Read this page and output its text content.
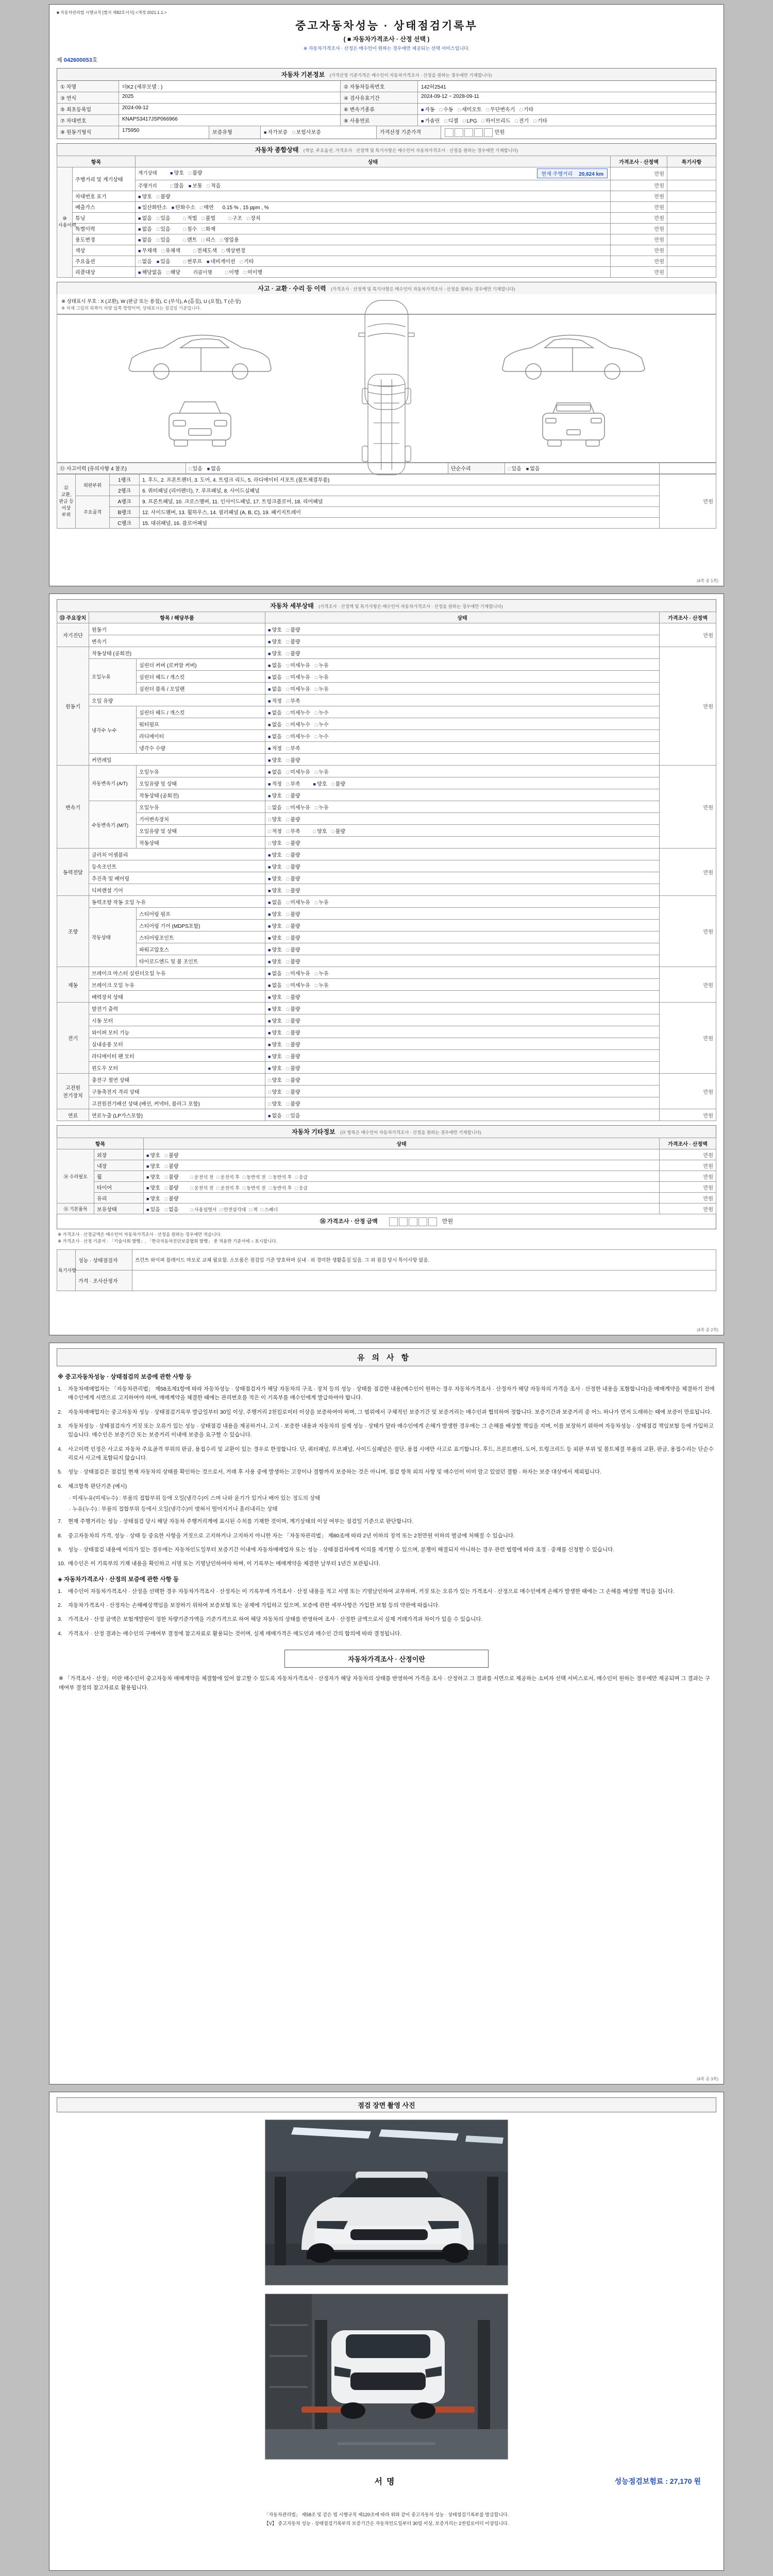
■ 자동차관리법 시행규칙 [별지 제82호서식] <개정 2021.1.1.>
중고자동차성능 · 상태점검기록부
( ■ 자동차가격조사 · 산정 선택 )
※ 자동차가격조사 · 산정은 매수인이 원하는 경우에만 제공되는 선택 서비스입니다.
제 042600053호
자동차 기본정보 (가격산정 기준가격은 매수인이 자동차가격조사 · 산정을 원하는 경우에만 기재합니다)
① 차명	더K2 (세부모델 : )	② 자동차등록번호	142허2541
③ 연식	2025	④ 검사유효기간	2024-09-12 ~ 2028-09-11
⑤ 최초등록일	2024-09-12	⑥ 변속기종류	■ 자동 □ 수동 □ 세미오토 □ 무단변속기 □ 기타
⑦ 차대번호	KNAPS3417JSP066966	⑧ 사용연료	■ 가솔린 □ 디젤 □ LPG □ 하이브리드 □ 전기 □ 기타
⑨ 원동기형식	175950	보증유형	■ 자가보증 □ 보험사보증	가격산정 기준가격	만원
자동차 종합상태 (색상, 주요옵션, 가격조사 · 산정액 및 특기사항은 매수인이 자동차가격조사 · 산정을 원하는 경우에만 기재합니다)
항목		상태	가격조사 · 산정액	특기사항
⑩ 사용이력	주행거리 및 계기상태	현재 주행거리 20,624 km
계기상태 ■ 양호 □ 불량	만원	
		주행거리 □ 많음 ■ 보통 □ 적음	만원	
	차대번호 표기	■ 양호 □ 불량	만원	
	배출가스	■ 일산화탄소 ■ 탄화수소 □ 매연 0.15 % , 15 ppm , %	만원	
	튜닝	■ 없음 □ 있음 □ 적법 □ 불법 □ 구조 □ 장치	만원	
	특별이력	■ 없음 □ 있음 □ 침수 □ 화재	만원	
	용도변경	■ 없음 □ 있음 □ 렌트 □ 리스 □ 영업용	만원	
	색상	■ 무채색 □ 유채색 □ 전체도색 □ 색상변경	만원	
	주요옵션	□ 없음 ■ 있음 □ 썬루프 ■ 네비게이션 □ 기타	만원	
	리콜대상	■ 해당없음 □ 해당 리콜이행 □ 이행 □ 미이행	만원	
사고 · 교환 · 수리 등 이력 (가격조사 · 산정액 및 특기사항은 매수인이 자동차가격조사 · 산정을 원하는 경우에만 기재합니다)
※ 상태표시 부호 : X (교환), W (판금 또는 용접), C (부식), A (흠집), U (요철), T (손상)
※ 차체 그림의 위쪽이 차량 앞쪽 방향이며, 상태표시는 점검일 기준입니다.
⑪ 사고이력 (유의사항 4 참조)	□ 있음 ■ 없음	단순수리	□ 있음 ■ 없음	
⑫ 교환, 판금 등 이상 부위	외판부위	1랭크	1. 후드, 2. 프론트펜더, 3. 도어, 4. 트렁크 리드, 5. 라디에이터 서포트 (볼트체결부품)	만원
		2랭크	6. 쿼터패널 (리어펜더), 7. 루프패널, 8. 사이드실패널	
	주요골격	A랭크	9. 프론트패널, 10. 크로스멤버, 11. 인사이드패널, 17. 트렁크플로어, 18. 리어패널	
		B랭크	12. 사이드멤버, 13. 휠하우스, 14. 필러패널 (A, B, C), 19. 패키지트레이	
		C랭크	15. 대쉬패널, 16. 플로어패널	
(4쪽 중 1쪽)
자동차 세부상태 (가격조사 · 산정액 및 특기사항은 매수인이 자동차가격조사 · 산정을 원하는 경우에만 기재합니다)
⑬ 주요장치	항목 / 해당부품		상태	가격조사 · 산정액
자기진단	원동기		■ 양호 □ 불량	만원
	변속기		■ 양호 □ 불량	
원동기	작동상태 (공회전)		■ 양호 □ 불량	만원
	오일누유	실린더 커버 (로커암 커버)	■ 없음 □ 미세누유 □ 누유	
		실린더 헤드 / 개스킷	■ 없음 □ 미세누유 □ 누유	
		실린더 블록 / 오일팬	■ 없음 □ 미세누유 □ 누유	
	오일 유량		■ 적정 □ 부족	
	냉각수 누수	실린더 헤드 / 개스킷	■ 없음 □ 미세누수 □ 누수	
		워터펌프	■ 없음 □ 미세누수 □ 누수	
		라디에이터	■ 없음 □ 미세누수 □ 누수	
		냉각수 수량	■ 적정 □ 부족	
	커먼레일		■ 양호 □ 불량	
변속기	자동변속기 (A/T)	오일누유	■ 없음 □ 미세누유 □ 누유	만원
		오일유량 및 상태	■ 적정 □ 부족 ■ 양호 □ 불량	
		작동상태 (공회전)	■ 양호 □ 불량	
	수동변속기 (M/T)	오일누유	□ 없음 □ 미세누유 □ 누유	
		기어변속장치	□ 양호 □ 불량	
		오일유량 및 상태	□ 적정 □ 부족 □ 양호 □ 불량	
		작동상태	□ 양호 □ 불량	
동력전달	클러치 어셈블리		■ 양호 □ 불량	만원
	등속조인트		■ 양호 □ 불량	
	추진축 및 베어링		■ 양호 □ 불량	
	디퍼렌셜 기어		■ 양호 □ 불량	
조향	동력조향 작동 오일 누유		■ 없음 □ 미세누유 □ 누유	만원
	작동상태	스티어링 펌프	■ 양호 □ 불량	
		스티어링 기어 (MDPS포함)	■ 양호 □ 불량	
		스티어링조인트	■ 양호 □ 불량	
		파워고압호스	■ 양호 □ 불량	
		타이로드엔드 및 볼 조인트	■ 양호 □ 불량	
제동	브레이크 마스터 실린더오일 누유		■ 없음 □ 미세누유 □ 누유	만원
	브레이크 오일 누유		■ 없음 □ 미세누유 □ 누유	
	배력장치 상태		■ 양호 □ 불량	
전기	발전기 출력		■ 양호 □ 불량	만원
	시동 모터		■ 양호 □ 불량	
	와이퍼 모터 기능		■ 양호 □ 불량	
	실내송풍 모터		■ 양호 □ 불량	
	라디에이터 팬 모터		■ 양호 □ 불량	
	윈도우 모터		■ 양호 □ 불량	
고전원 전기장치	충전구 절연 상태		□ 양호 □ 불량	만원
	구동축전지 격리 상태		□ 양호 □ 불량	
	고전원전기배선 상태 (배선, 커넥터, 플러그 포함)		□ 양호 □ 불량	
연료	연료누출 (LP가스포함)		■ 없음 □ 있음	만원
자동차 기타정보 (⑭ 항목은 매수인이 자동차가격조사 · 산정을 원하는 경우에만 기재합니다)
항목		상태	가격조사 · 산정액
⑭ 수리필요	외장	■ 양호 □ 불량	만원
	내장	■ 양호 □ 불량	만원
	휠	■ 양호 □ 불량 □ 운전석 전 □ 운전석 후 □ 동반석 전 □ 동반석 후 □ 응급	만원
	타이어	■ 양호 □ 불량 □ 운전석 전 □ 운전석 후 □ 동반석 전 □ 동반석 후 □ 응급	만원
	유리	■ 양호 □ 불량	만원
⑮ 기본품목	보유상태	■ 있음 □ 없음 □ 사용설명서 □ 안전삼각대 □ 잭 □ 스패너	만원
⑯ 가격조사 · 산정 금액	만원
※ 가격조사 · 산정금액은 매수인이 자동차가격조사 · 산정을 원하는 경우에만 적습니다.
※ 가격조사 · 산정 기준서 : 「기술사회 발행」, 「한국자동차진단보증협회 발행」 중 적용한 기준서에 ○ 표시합니다.
특기사항	성능 · 상태점검자	프런트 와이퍼 블레이드 마모로 교체 필요함. 소모품은 점검일 기준 양호하며 실내 · 외 경미한 생활흠집 있음. 그 외 점검 당시 특이사항 없음.
	가격 · 조사산정자	
(4쪽 중 2쪽)
유의사항
※ 중고자동차성능 · 상태점검의 보증에 관한 사항 등
1.	자동차매매업자는 「자동차관리법」 제58조제1항에 따라 자동차성능 · 상태점검자가 해당 자동차의 구조 · 장치 등의 성능 · 상태를 점검한 내용(매수인이 원하는 경우 자동차가격조사 · 산정자가 해당 자동차의 가격을 조사 · 산정한 내용을 포함합니다)을 매매계약을 체결하기 전에 매수인에게 서면으로 고지하여야 하며, 매매계약을 체결한 때에는 관리번호를 적은 이 기록부를 매수인에게 발급하여야 합니다.
2.	자동차매매업자는 중고자동차 성능 · 상태점검기록부 발급일부터 30일 이상, 주행거리 2천킬로미터 이상을 보증하여야 하며, 그 범위에서 구체적인 보증기간 및 보증거리는 매수인과 협의하여 정합니다. 보증기간과 보증거리 중 어느 하나가 먼저 도래하는 때에 보증이 만료됩니다.
3.	자동차성능 · 상태점검자가 거짓 또는 오류가 있는 성능 · 상태점검 내용을 제공하거나, 고지 · 보증한 내용과 자동차의 실제 성능 · 상태가 달라 매수인에게 손해가 발생한 경우에는 그 손해를 배상할 책임을 지며, 이를 보장하기 위하여 자동차성능 · 상태점검 책임보험 등에 가입하고 있습니다. 매수인은 보증기간 또는 보증거리 이내에 보증을 요구할 수 있습니다.
4.	사고이력 인정은 사고로 자동차 주요골격 부위의 판금, 용접수리 및 교환이 있는 경우로 한정합니다. 단, 쿼터패널, 루프패널, 사이드실패널은 절단, 용접 시에만 사고로 표기합니다. 후드, 프론트펜더, 도어, 트렁크리드 등 외판 부위 및 볼트체결 부품의 교환, 판금, 용접수리는 단순수리로서 사고에 포함되지 않습니다.
5.	성능 · 상태점검은 점검일 현재 자동차의 상태를 확인하는 것으로서, 거래 후 사용 중에 발생하는 고장이나 결함까지 보증하는 것은 아니며, 점검 항목 외의 사항 및 매수인이 이미 알고 있었던 결함 · 하자는 보증 대상에서 제외됩니다.
6.	체크항목 판단기준 (예시)
· 미세누유(미세누수) : 부품의 접합부위 등에 오일(냉각수)이 스며 나와 윤기가 있거나 배어 있는 정도의 상태
· 누유(누수) : 부품의 접합부위 등에서 오일(냉각수)이 맺혀서 떨어지거나 흘러내리는 상태
7.	현재 주행거리는 성능 · 상태점검 당시 해당 자동차 주행거리계에 표시된 수치를 기재한 것이며, 계기상태의 이상 여부는 점검일 기준으로 판단합니다.
8.	중고자동차의 가격, 성능 · 상태 등 중요한 사항을 거짓으로 고지하거나 고지하지 아니한 자는 「자동차관리법」 제80조에 따라 2년 이하의 징역 또는 2천만원 이하의 벌금에 처해질 수 있습니다.
9.	성능 · 상태점검 내용에 이의가 있는 경우에는 자동차인도일부터 보증기간 이내에 자동차매매업자 또는 성능 · 상태점검자에게 이의를 제기할 수 있으며, 분쟁이 해결되지 아니하는 경우 관련 법령에 따라 조정 · 중재를 신청할 수 있습니다.
10. 매수인은 이 기록부의 기재 내용을 확인하고 서명 또는 기명날인하여야 하며, 이 기록부는 매매계약을 체결한 날부터 1년간 보관됩니다.
◈ 자동차가격조사 · 산정의 보증에 관한 사항 등
1.	매수인이 자동차가격조사 · 산정을 선택한 경우 자동차가격조사 · 산정자는 이 기록부에 가격조사 · 산정 내용을 적고 서명 또는 기명날인하여 교부하며, 거짓 또는 오류가 있는 가격조사 · 산정으로 매수인에게 손해가 발생한 때에는 그 손해를 배상할 책임을 집니다.
2.	자동차가격조사 · 산정자는 손해배상책임을 보장하기 위하여 보증보험 또는 공제에 가입하고 있으며, 보증에 관한 세부사항은 가입한 보험 등의 약관에 따릅니다.
3.	가격조사 · 산정 금액은 보험개발원이 정한 차량기준가액을 기준가격으로 하여 해당 자동차의 상태를 반영하여 조사 · 산정한 금액으로서 실제 거래가격과 차이가 있을 수 있습니다.
4.	가격조사 · 산정 결과는 매수인의 구매여부 결정에 참고자료로 활용되는 것이며, 실제 매매가격은 매도인과 매수인 간의 합의에 따라 결정됩니다.
자동차가격조사 · 산정이란
※ 「가격조사 · 산정」이란 매수인이 중고자동차 매매계약을 체결함에 있어 참고할 수 있도록 자동차가격조사 · 산정자가 해당 자동차의 상태를 반영하여 가격을 조사 · 산정하고 그 결과를 서면으로 제공하는 소비자 선택 서비스로서, 매수인이 원하는 경우에만 제공되며 그 결과는 구매여부 결정의 참고자료로 활용됩니다.
(4쪽 중 3쪽)
점검 장면 촬영 사진
서명	성능점검보험료 : 27,170 원
「자동차관리법」 제58조 및 같은 법 시행규칙 제120조에 따라 위와 같이 중고자동차 성능 · 상태점검기록부를 발급합니다.
【V】 중고자동차 성능 · 상태점검기록부의 보증기간은 자동차인도일부터 30일 이상, 보증거리는 2천킬로미터 이상입니다.
